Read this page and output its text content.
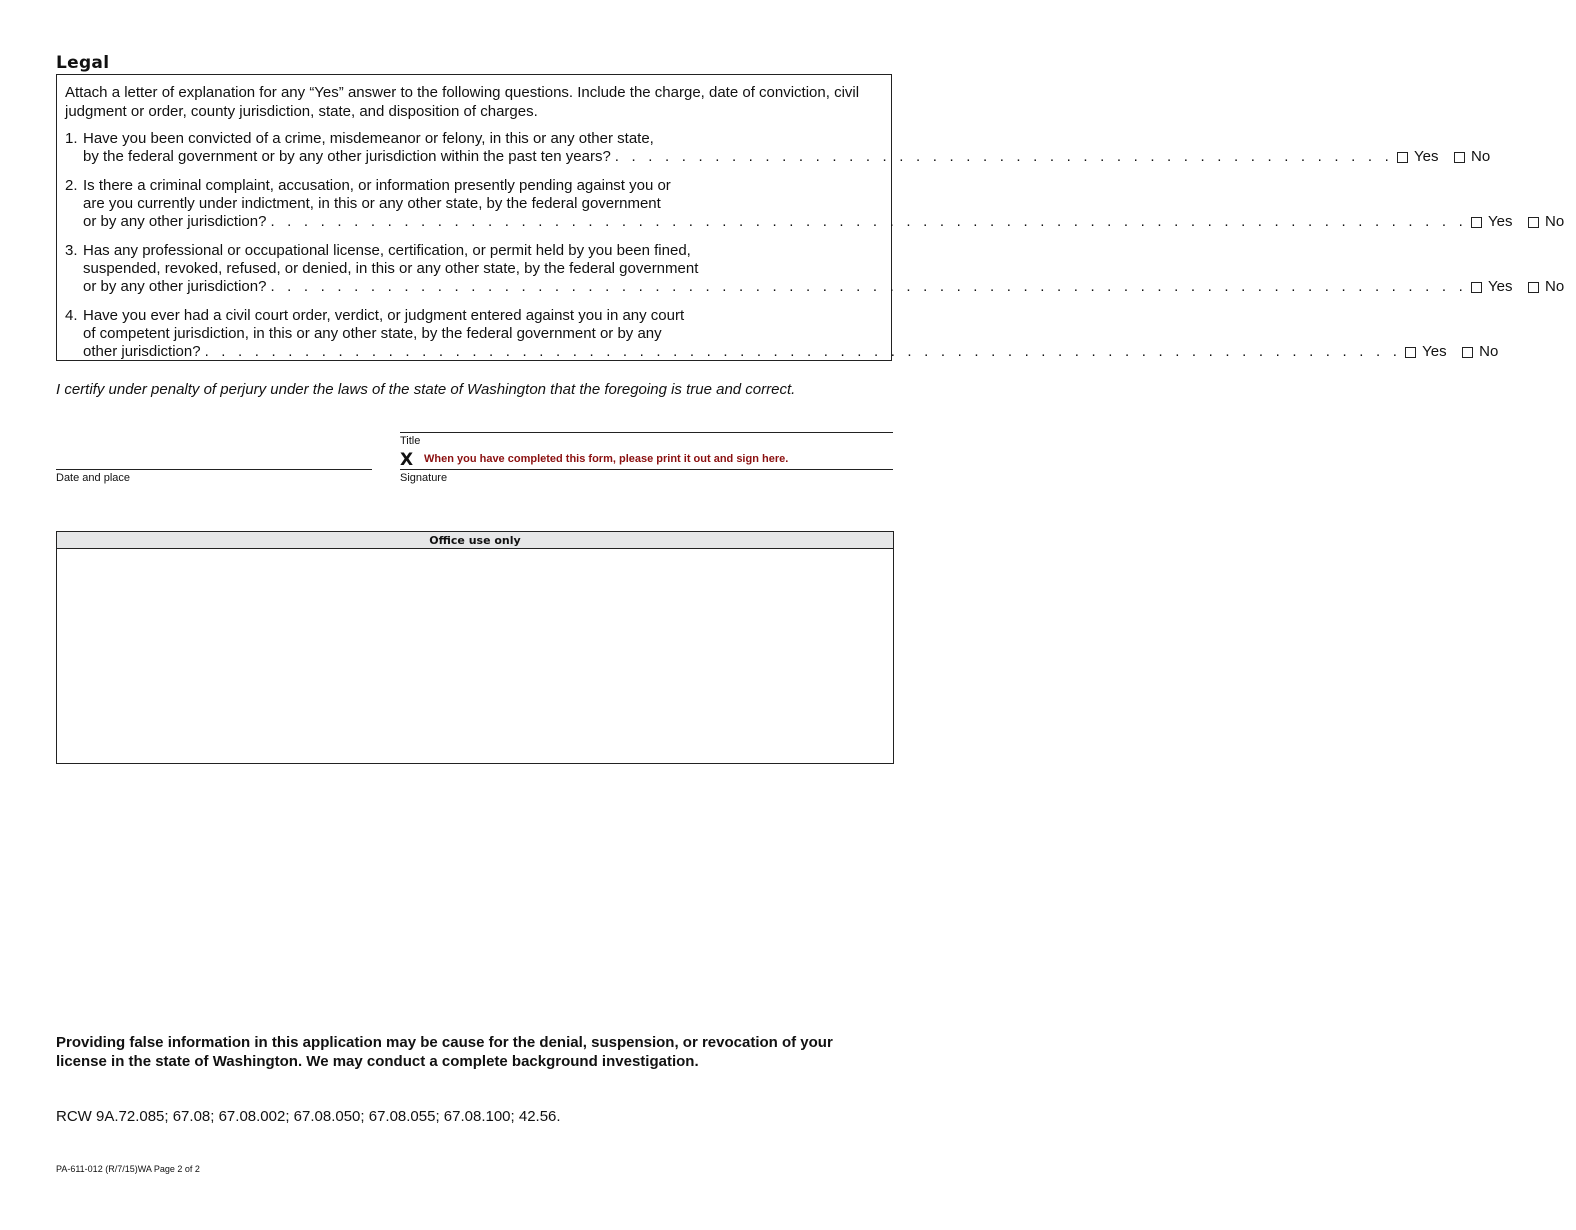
Legal
Attach a letter of explanation for any “Yes” answer to the following questions. Include the charge, date of conviction, civil judgment or order, county jurisdiction, state, and disposition of charges.
1. Have you been convicted of a crime, misdemeanor or felony, in this or any other state,
by the federal government or by any other jurisdiction within the past ten years? . . . . . . . . . . . . . . . . . . . . . . . . . . . . . . . . . . . . . . . . . . . . . . . Yes No
2. Is there a criminal complaint, accusation, or information presently pending against you or
are you currently under indictment, in this or any other state, by the federal government
or by any other jurisdiction? . . . . . . . . . . . . . . . . . . . . . . . . . . . . . . . . . . . . . . . . . . . . . . . . . . . . . . . . . . . . . . . . . . . . . . . . Yes No
3. Has any professional or occupational license, certification, or permit held by you been fined,
suspended, revoked, refused, or denied, in this or any other state, by the federal government
or by any other jurisdiction? . . . . . . . . . . . . . . . . . . . . . . . . . . . . . . . . . . . . . . . . . . . . . . . . . . . . . . . . . . . . . . . . . . . . . . . . Yes No
4. Have you ever had a civil court order, verdict, or judgment entered against you in any court
of competent jurisdiction, in this or any other state, by the federal government or by any
other jurisdiction? . . . . . . . . . . . . . . . . . . . . . . . . . . . . . . . . . . . . . . . . . . . . . . . . . . . . . . . . . . . . . . . . . . . . . . . . Yes No
I certify under penalty of perjury under the laws of the state of Washington that the foregoing is true and correct.
Title
X When you have completed this form, please print it out and sign here.
Signature
Date and place
Office use only
Providing false information in this application may be cause for the denial, suspension, or revocation of your license in the state of Washington. We may conduct a complete background investigation.
RCW 9A.72.085; 67.08; 67.08.002; 67.08.050; 67.08.055; 67.08.100; 42.56.
PA-611-012 (R/7/15)WA Page 2 of 2
